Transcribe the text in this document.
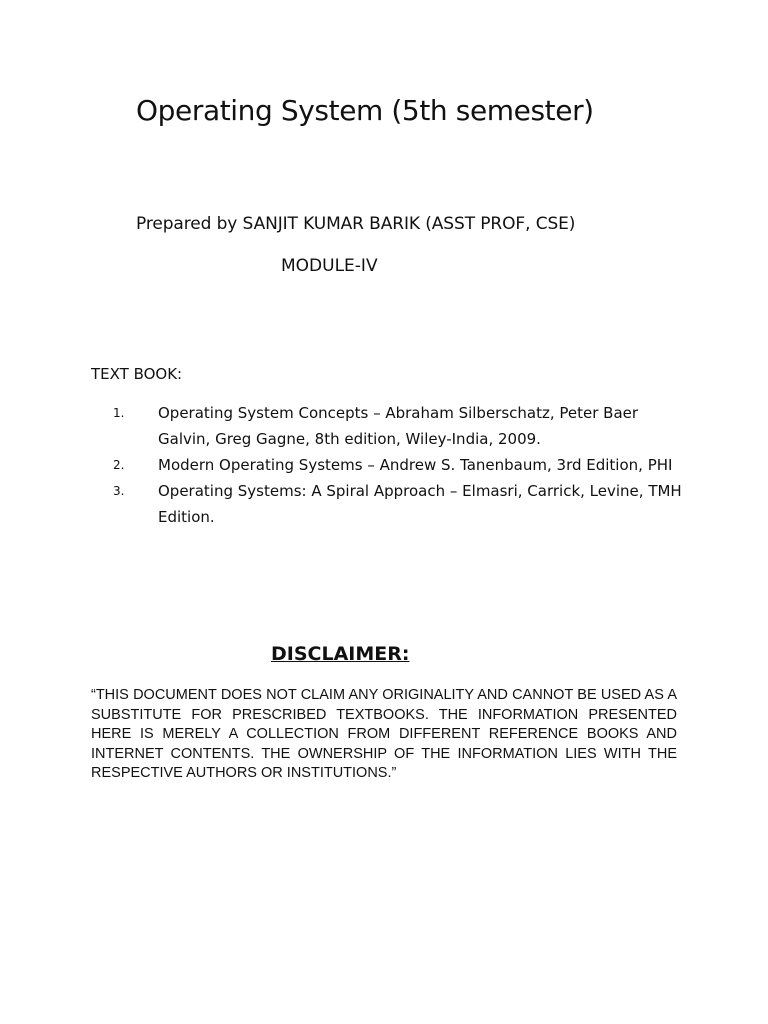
Operating System (5th semester)
Prepared by SANJIT KUMAR BARIK (ASST PROF, CSE)
MODULE-IV
TEXT BOOK:
1. Operating System Concepts – Abraham Silberschatz, Peter Baer Galvin, Greg Gagne, 8th edition, Wiley-India, 2009.
2. Modern Operating Systems – Andrew S. Tanenbaum, 3rd Edition, PHI
3. Operating Systems: A Spiral Approach – Elmasri, Carrick, Levine, TMH Edition.
DISCLAIMER:

“THIS DOCUMENT DOES NOT CLAIM ANY ORIGINALITY AND CANNOT BE USED AS A SUBSTITUTE FOR PRESCRIBED TEXTBOOKS. THE INFORMATION PRESENTED HERE IS MERELY A COLLECTION FROM DIFFERENT REFERENCE BOOKS AND INTERNET CONTENTS. THE OWNERSHIP OF THE INFORMATION LIES WITH THE RESPECTIVE AUTHORS OR INSTITUTIONS.”
